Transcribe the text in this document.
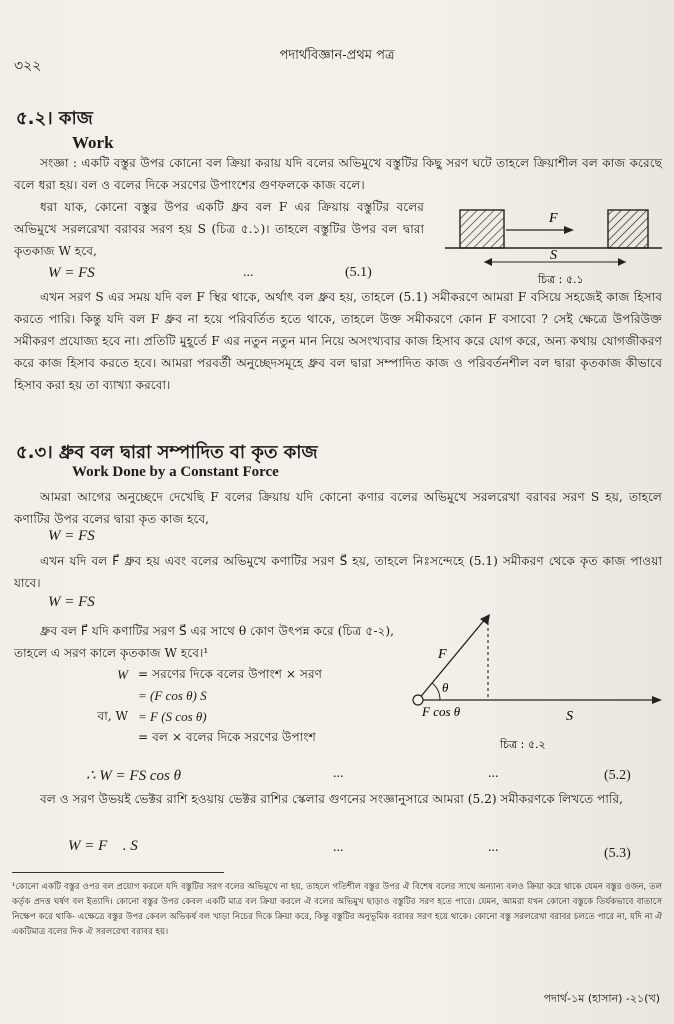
৩২২
পদার্থবিজ্ঞান-প্রথম পত্র
৫.২। কাজ
Work
সংজ্ঞা : একটি বস্তুর উপর কোনো বল ক্রিয়া করায় যদি বলের অভিমুখে বস্তুটির কিছু সরণ ঘটে তাহলে ক্রিয়াশীল বল কাজ করেছে বলে ধরা হয়। বল ও বলের দিকে সরণের উপাংশের গুণফলকে কাজ বলে।
ধরা যাক, কোনো বস্তুর উপর একটি ধ্রুব বল F এর ক্রিয়ায় বস্তুটির বলের অভিমুখে সরলরেখা বরাবর সরণ হয় S (চিত্র ৫.১)। তাহলে বস্তুটির উপর বল দ্বারা কৃতকাজ W হবে,
W = FS	...	(5.1)
F
S
চিত্র : ৫.১
এখন সরণ S এর সময় যদি বল F স্থির থাকে, অর্থাৎ বল ধ্রুব হয়, তাহলে (5.1) সমীকরণে আমরা F বসিয়ে সহজেই কাজ হিসাব করতে পারি। কিন্তু যদি বল F ধ্রুব না হয়ে পরিবর্তিত হতে থাকে, তাহলে উক্ত সমীকরণে কোন F বসাবো ? সেই ক্ষেত্রে উপরিউক্ত সমীকরণ প্রযোজ্য হবে না। প্রতিটি মুহূর্তে F এর নতুন নতুন মান নিয়ে অসংখ্যবার কাজ হিসাব করে যোগ করে, অন্য কথায় যোগজীকরণ করে কাজ হিসাব করতে হবে। আমরা পরবর্তী অনুচ্ছেদসমূহে ধ্রুব বল দ্বারা সম্পাদিত কাজ ও পরিবর্তনশীল বল দ্বারা কৃতকাজ কীভাবে হিসাব করা হয় তা ব্যাখ্যা করবো।
৫.৩। ধ্রুব বল দ্বারা সম্পাদিত বা কৃত কাজ
Work Done by a Constant Force
আমরা আগের অনুচ্ছেদে দেখেছি F বলের ক্রিয়ায় যদি কোনো কণার বলের অভিমুখে সরলরেখা বরাবর সরণ S হয়, তাহলে কণাটির উপর বলের দ্বারা কৃত কাজ হবে,
W = FS
এখন যদি বল F⃗ ধ্রুব হয় এবং বলের অভিমুখে কণাটির সরণ S⃗ হয়, তাহলে নিঃসন্দেহে (5.1) সমীকরণ থেকে কৃত কাজ পাওয়া যাবে।
W = FS
ধ্রুব বল F⃗ যদি কণাটির সরণ S⃗ এর সাথে θ কোণ উৎপন্ন করে (চিত্র ৫-২), তাহলে এ সরণ কালে কৃতকাজ W হবে।¹
W = সরণের দিকে বলের উপাংশ × সরণ
= (F cos θ) S
বা, W = F (S cos θ)
= বল × বলের দিকে সরণের উপাংশ
F⃗
θ
F cos θ	S⃗
চিত্র : ৫.২
∴ W = FS cos θ	...	...	(5.2)
বল ও সরণ উভয়ই ভেক্টর রাশি হওয়ায় ভেক্টর রাশির স্কেলার গুণনের সংজ্ঞানুসারে আমরা (5.2) সমীকরণকে লিখতে পারি,
W = F⃗ . S⃗	...	...	(5.3)
¹কোনো একটি বস্তুর ওপর বল প্রয়োগ করলে যদি বস্তুটির সরণ বলের অভিমুখে না হয়, তাহলে গতিশীল বস্তুর উপর ঐ বিশেষ বলের সাথে অন্যান্য বলও ক্রিয়া করে থাকে যেমন বস্তুর ওজন, তল কর্তৃক প্রদত্ত ঘর্ষণ বল ইত্যাদি। কোনো বস্তুর উপর কেবল একটি মাত্র বল ক্রিয়া করলে ঐ বলের অভিমুখ ছাড়াও বস্তুটির সরণ হতে পারে। যেমন, আমরা যখন কোনো বস্তুকে তির্যকভাবে বাতাসে নিক্ষেপ করে থাকি- এক্ষেত্রে বস্তুর উপর কেবল অভিকর্ষ বল খাড়া নিচের দিকে ক্রিয়া করে, কিন্তু বস্তুটির অনুভূমিক বরাবর সরণ হয়ে থাকে। কোনো বস্তু সরলরেখা বরাবর চলতে পারে না, যদি না ঐ একটিমাত্র বলের দিক ঐ সরলরেখা বরাবর হয়।
পদার্থ-১ম (হাসান) -২১(খ)
